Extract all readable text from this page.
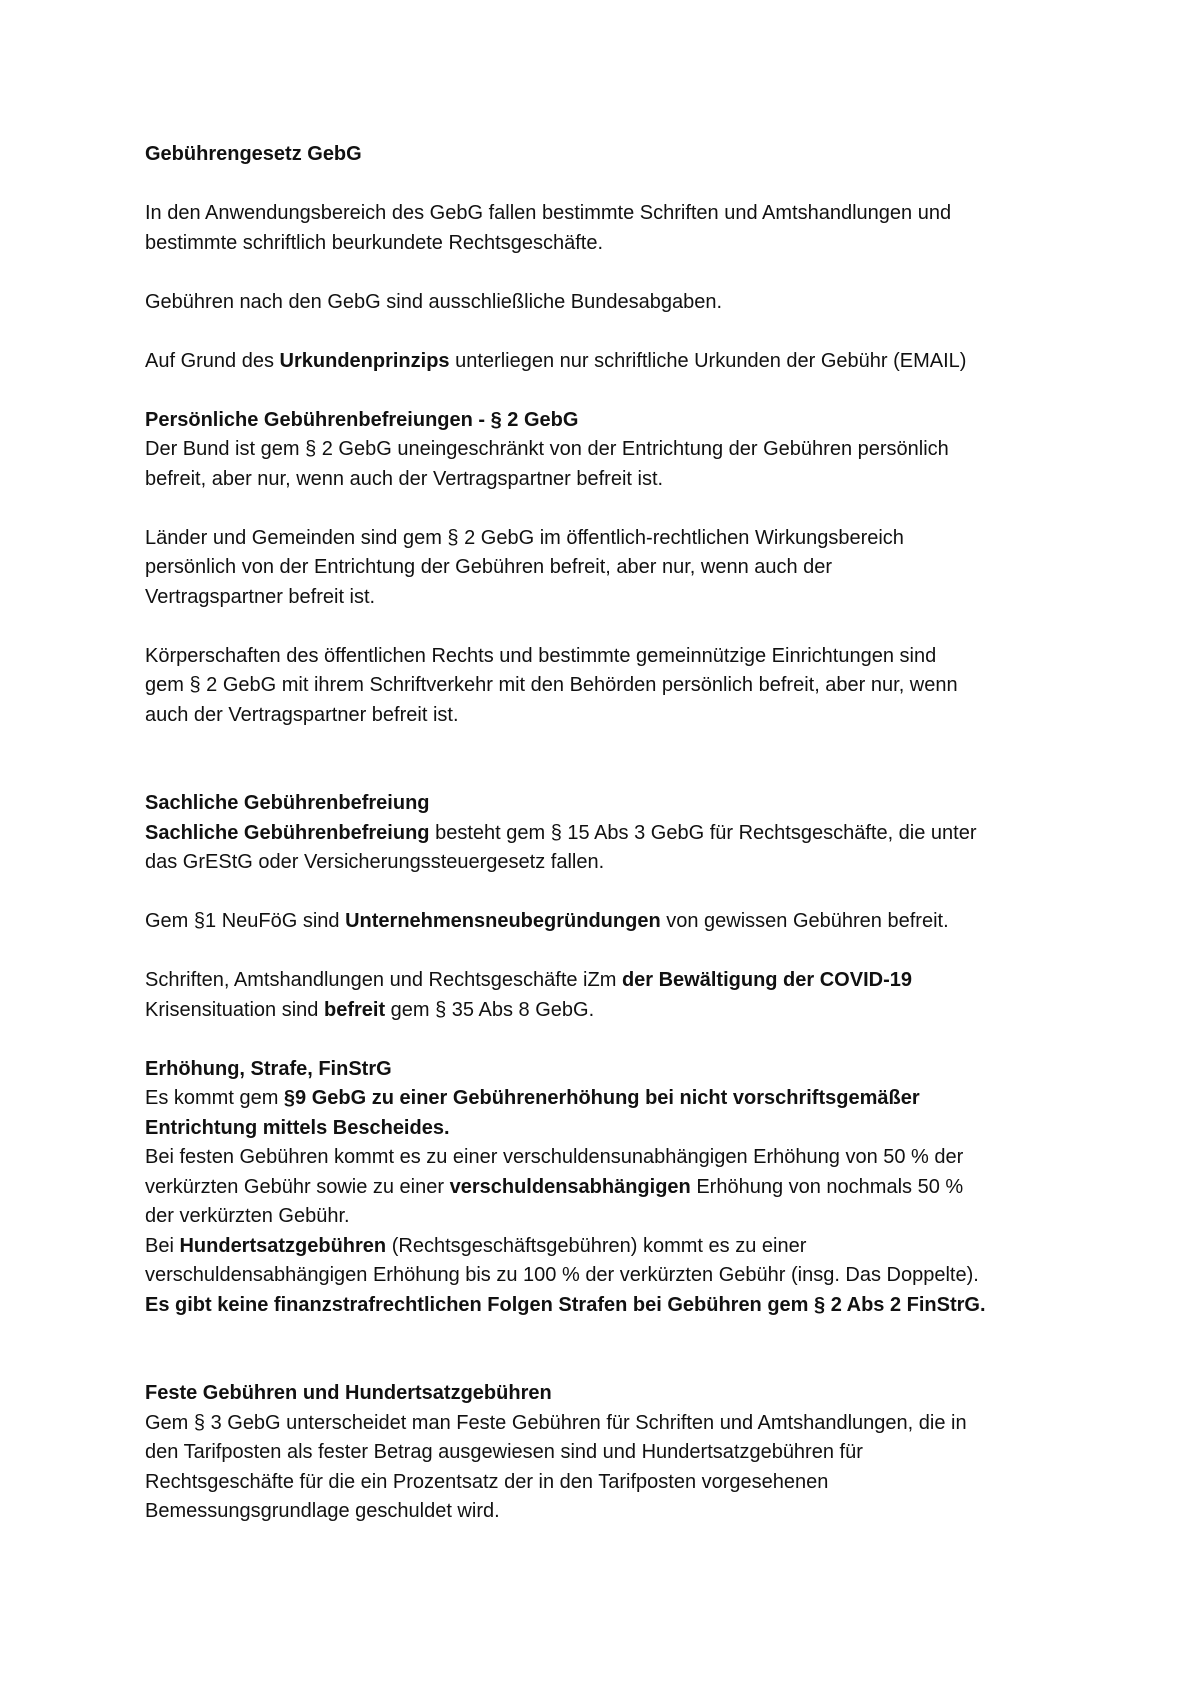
Gebührengesetz GebG
In den Anwendungsbereich des GebG fallen bestimmte Schriften und Amtshandlungen und
bestimmte schriftlich beurkundete Rechtsgeschäfte.
Gebühren nach den GebG sind ausschließliche Bundesabgaben.
Auf Grund des Urkundenprinzips unterliegen nur schriftliche Urkunden der Gebühr (EMAIL)
Persönliche Gebührenbefreiungen - § 2 GebG
Der Bund ist gem § 2 GebG uneingeschränkt von der Entrichtung der Gebühren persönlich
befreit, aber nur, wenn auch der Vertragspartner befreit ist.
Länder und Gemeinden sind gem § 2 GebG im öffentlich-rechtlichen Wirkungsbereich
persönlich von der Entrichtung der Gebühren befreit, aber nur, wenn auch der
Vertragspartner befreit ist.
Körperschaften des öffentlichen Rechts und bestimmte gemeinnützige Einrichtungen sind
gem § 2 GebG mit ihrem Schriftverkehr mit den Behörden persönlich befreit, aber nur, wenn
auch der Vertragspartner befreit ist.
Sachliche Gebührenbefreiung
Sachliche Gebührenbefreiung besteht gem § 15 Abs 3 GebG für Rechtsgeschäfte, die unter
das GrEStG oder Versicherungssteuergesetz fallen.
Gem §1 NeuFöG sind Unternehmensneubegründungen von gewissen Gebühren befreit.
Schriften, Amtshandlungen und Rechtsgeschäfte iZm der Bewältigung der COVID-19
Krisensituation sind befreit gem § 35 Abs 8 GebG.
Erhöhung, Strafe, FinStrG
Es kommt gem §9 GebG zu einer Gebührenerhöhung bei nicht vorschriftsgemäßer
Entrichtung mittels Bescheides.
Bei festen Gebühren kommt es zu einer verschuldensunabhängigen Erhöhung von 50 % der
verkürzten Gebühr sowie zu einer verschuldensabhängigen Erhöhung von nochmals 50 %
der verkürzten Gebühr.
Bei Hundertsatzgebühren (Rechtsgeschäftsgebühren) kommt es zu einer
verschuldensabhängigen Erhöhung bis zu 100 % der verkürzten Gebühr (insg. Das Doppelte).
Es gibt keine finanzstrafrechtlichen Folgen Strafen bei Gebühren gem § 2 Abs 2 FinStrG.
Feste Gebühren und Hundertsatzgebühren
Gem § 3 GebG unterscheidet man Feste Gebühren für Schriften und Amtshandlungen, die in
den Tarifposten als fester Betrag ausgewiesen sind und Hundertsatzgebühren für
Rechtsgeschäfte für die ein Prozentsatz der in den Tarifposten vorgesehenen
Bemessungsgrundlage geschuldet wird.
